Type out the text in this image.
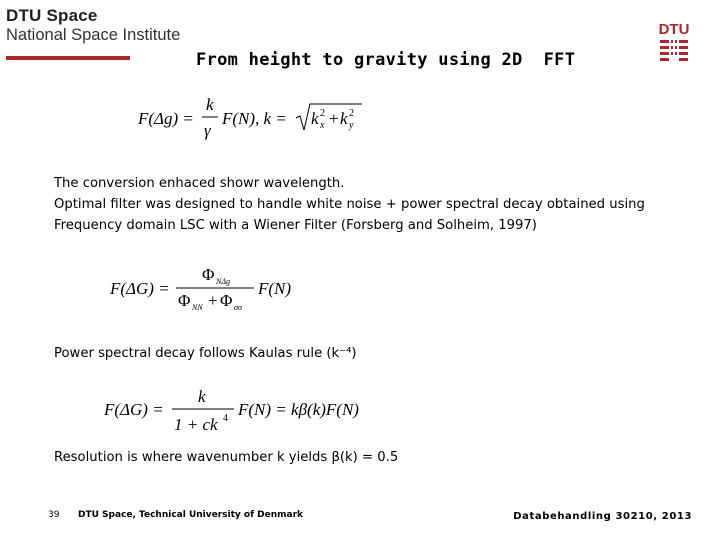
DTU Space
National Space Institute	DTU
From height to gravity using 2D  FFT
F(Δg) =
k
γ
F(N), k = k x
2 + k y
2
The conversion enhaced showr wavelength.
Optimal filter was designed to handle white noise + power spectral decay obtained using
Frequency domain LSC with a Wiener Filter (Forsberg and Solheim, 1997)
F(ΔG) =
Φ NΔg
Φ NN + Φ σσ
F(N)
Power spectral decay follows Kaulas rule (k⁻⁴)
F(ΔG) =
k
1 + ck 4 F(N) = kβ(k)F(N)
Resolution is where wavenumber k yields β(k) = 0.5
39 DTU Space, Technical University of Denmark	Databehandling 30210, 2013
